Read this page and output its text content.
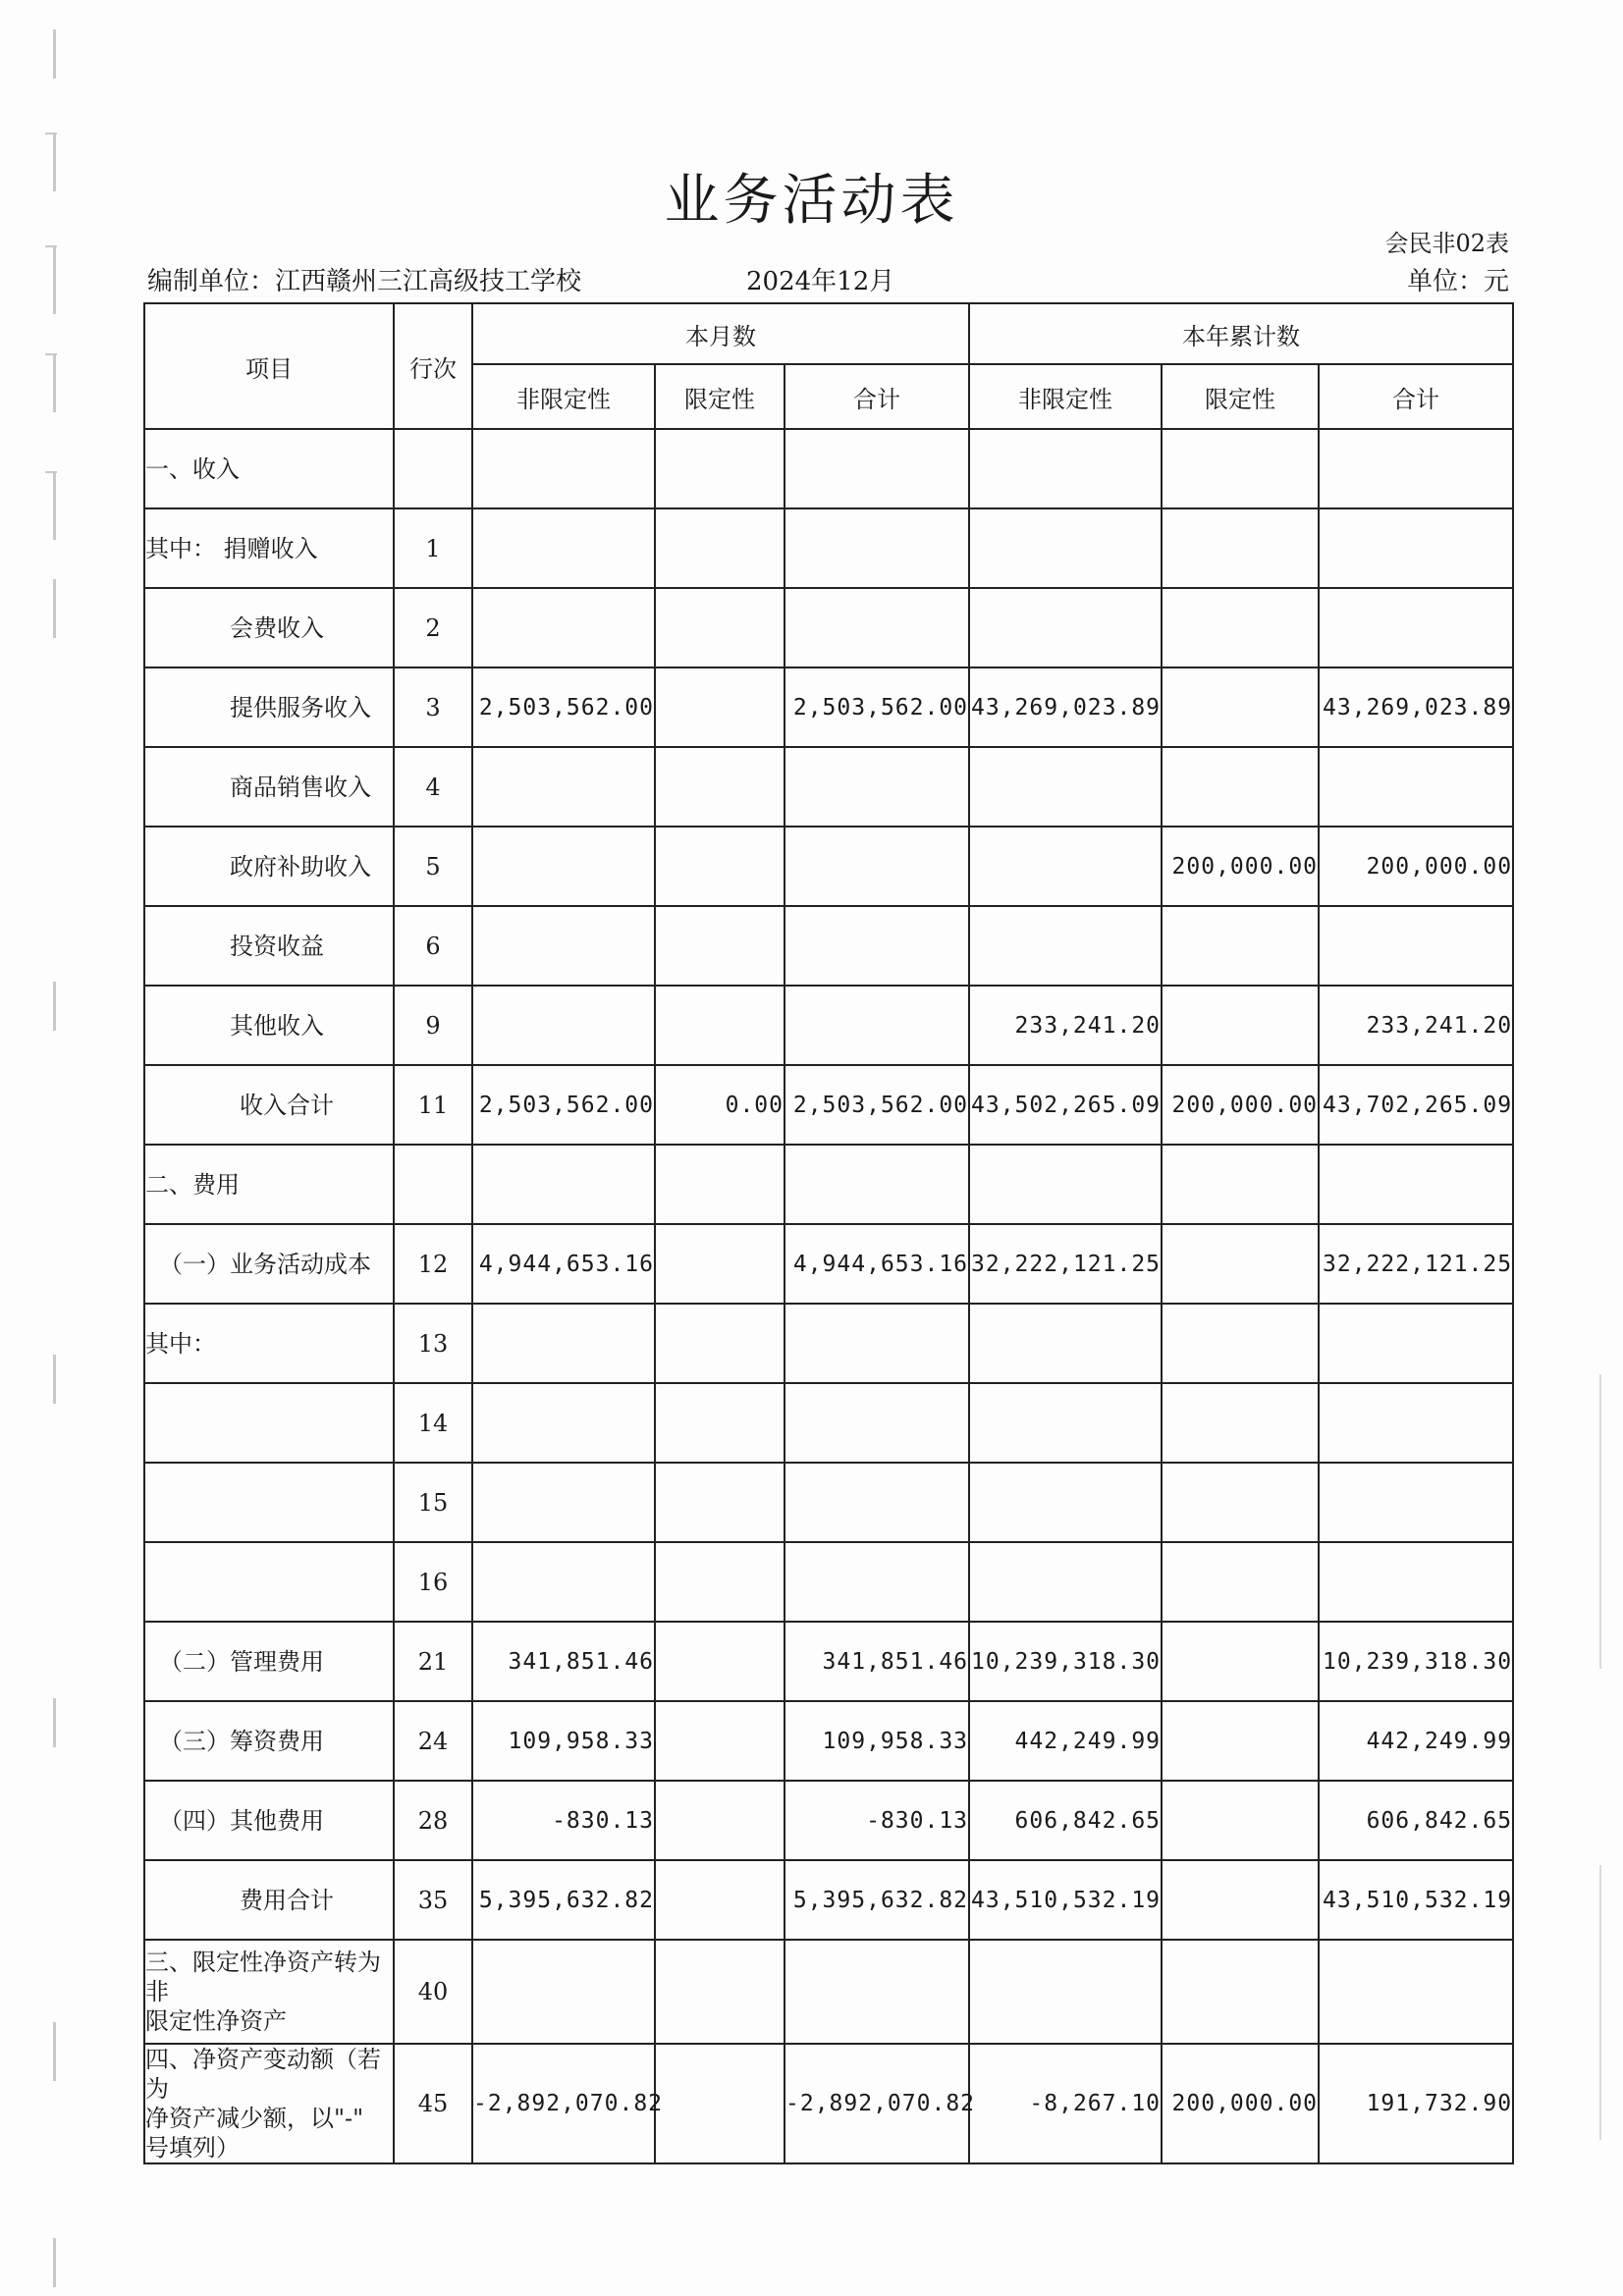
业务活动表
会民非02表
编制单位：江西赣州三江高级技工学校	2024年12月	单位：元
项目	行次	本月数			本年累计数		
		非限定性	限定性	合计	非限定性	限定性	合计
一、收入							
其中： 捐赠收入	1						
会费收入	2						
提供服务收入	3	2,503,562.00		2,503,562.00	43,269,023.89		43,269,023.89
商品销售收入	4						
政府补助收入	5					200,000.00	200,000.00
投资收益	6						
其他收入	9				233,241.20		233,241.20
收入合计	11	2,503,562.00	0.00	2,503,562.00	43,502,265.09	200,000.00	43,702,265.09
二、费用							
（一）业务活动成本	12	4,944,653.16		4,944,653.16	32,222,121.25		32,222,121.25
其中：	13						
	14						
	15						
	16						
（二）管理费用	21	341,851.46		341,851.46	10,239,318.30		10,239,318.30
（三）筹资费用	24	109,958.33		109,958.33	442,249.99		442,249.99
（四）其他费用	28	-830.13		-830.13	606,842.65		606,842.65
费用合计	35	5,395,632.82		5,395,632.82	43,510,532.19		43,510,532.19
三、限定性净资产转为非
限定性净资产	40						
四、净资产变动额（若为
净资产减少额，以"-"
号填列）	45	-2,892,070.82		-2,892,070.82	-8,267.10	200,000.00	191,732.90
